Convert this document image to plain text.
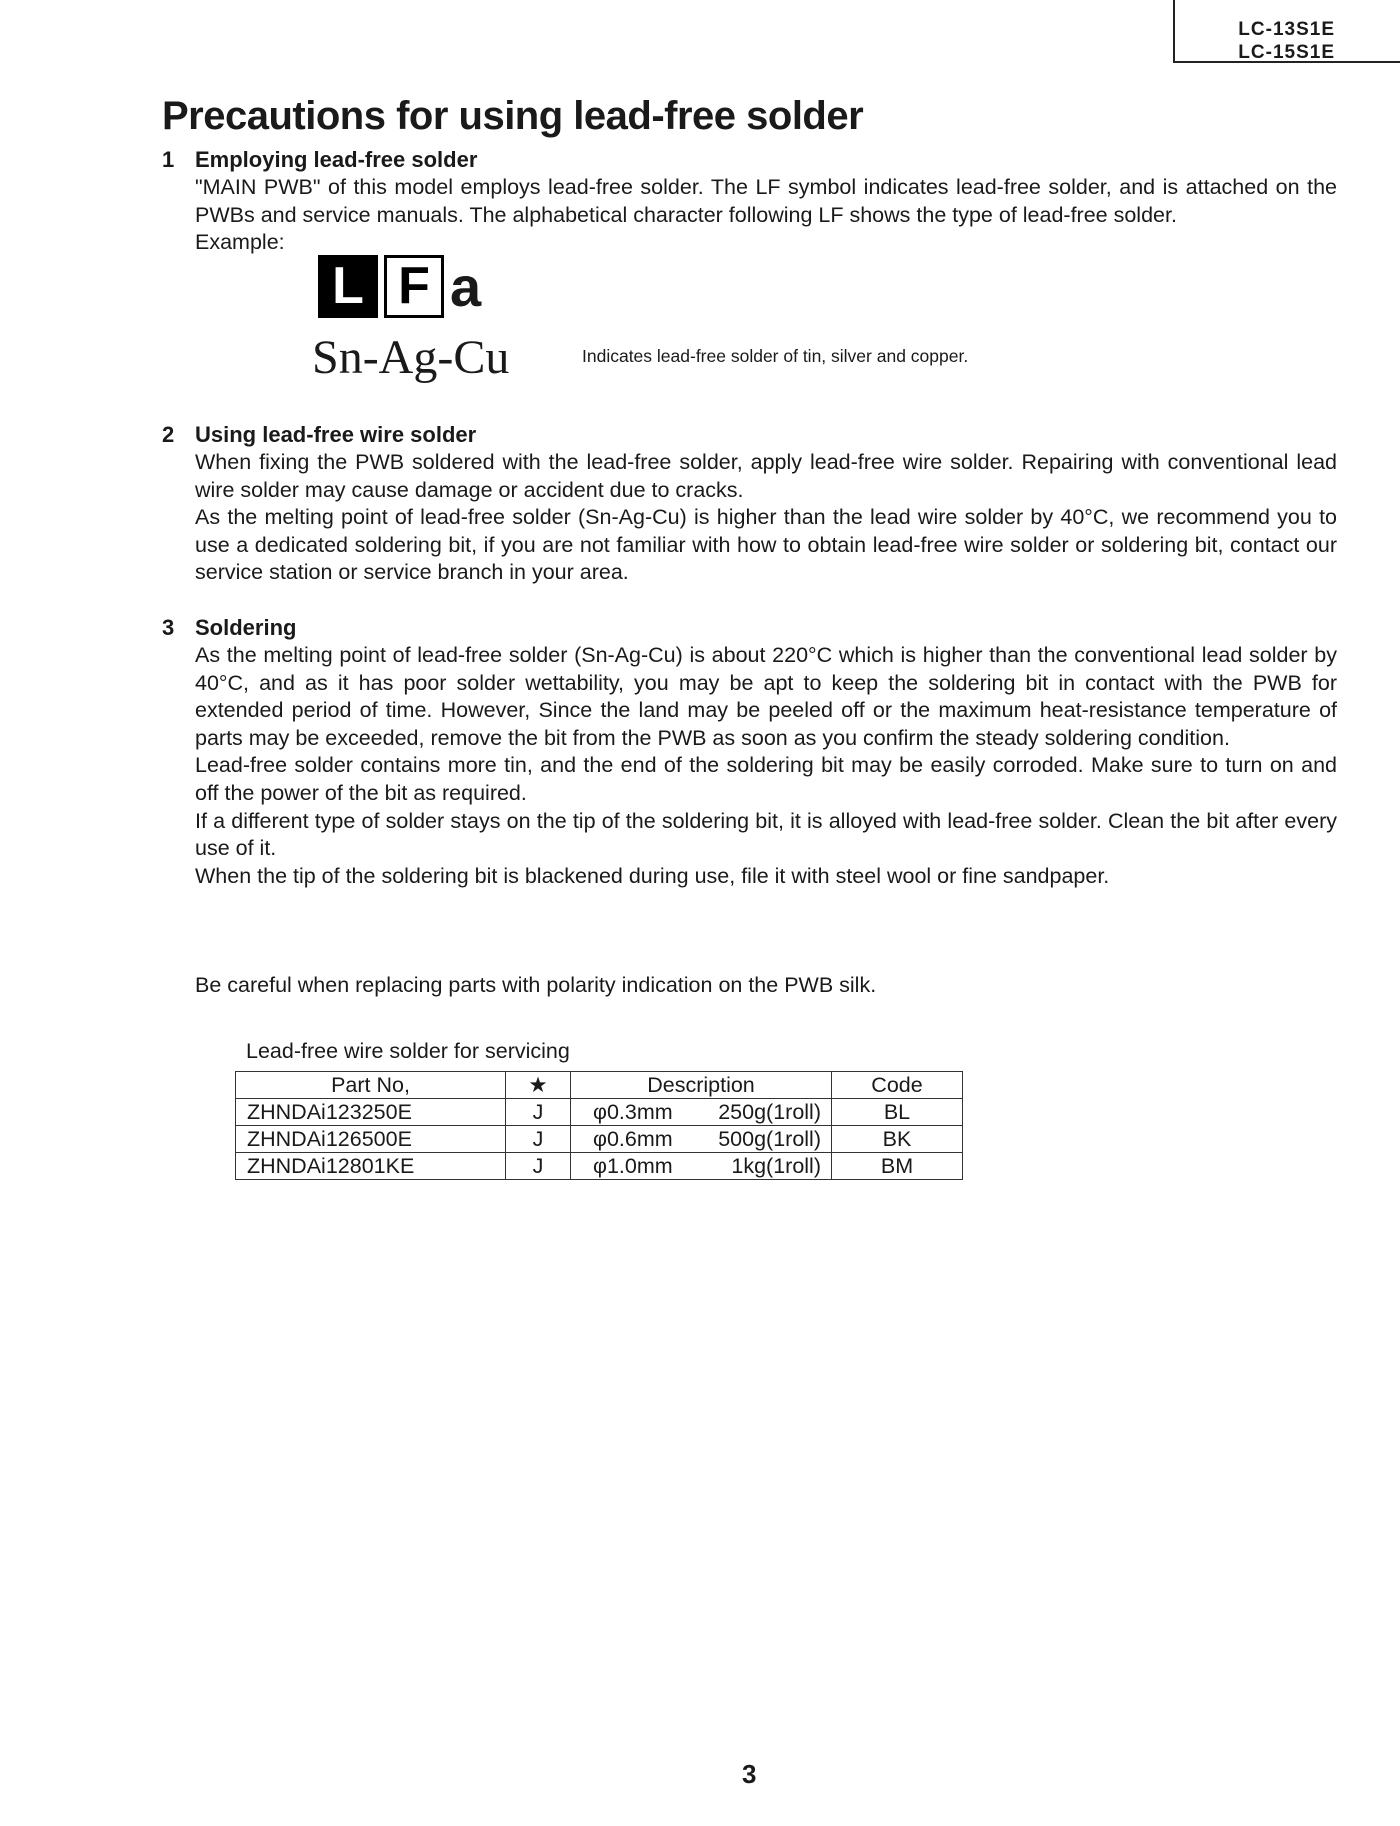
LC-13S1E
LC-15S1E
Precautions for using lead-free solder
1 Employing lead-free solder

"MAIN PWB" of this model employs lead-free solder. The LF symbol indicates lead-free solder, and is attached on the PWBs and service manuals. The alphabetical character following LF shows the type of lead-free solder.

Example:

L F a
Sn-Ag-Cu	Indicates lead-free solder of tin, silver and copper.
2 Using lead-free wire solder

When fixing the PWB soldered with the lead-free solder, apply lead-free wire solder. Repairing with conventional lead wire solder may cause damage or accident due to cracks.

As the melting point of lead-free solder (Sn-Ag-Cu) is higher than the lead wire solder by 40°C, we recommend you to use a dedicated soldering bit, if you are not familiar with how to obtain lead-free wire solder or soldering bit, contact our service station or service branch in your area.

3 Soldering

As the melting point of lead-free solder (Sn-Ag-Cu) is about 220°C which is higher than the conventional lead solder by 40°C, and as it has poor solder wettability, you may be apt to keep the soldering bit in contact with the PWB for extended period of time. However, Since the land may be peeled off or the maximum heat-resistance temperature of parts may be exceeded, remove the bit from the PWB as soon as you confirm the steady soldering condition.

Lead-free solder contains more tin, and the end of the soldering bit may be easily corroded. Make sure to turn on and off the power of the bit as required.

If a different type of solder stays on the tip of the soldering bit, it is alloyed with lead-free solder. Clean the bit after every use of it.

When the tip of the soldering bit is blackened during use, file it with steel wool or fine sandpaper.

Be careful when replacing parts with polarity indication on the PWB silk.
Lead-free wire solder for servicing
Part No,	★	Description	Code
ZHNDAi123250E	J	φ0.3mm 250g(1roll)	BL
ZHNDAi126500E	J	φ0.6mm 500g(1roll)	BK
ZHNDAi12801KE	J	φ1.0mm 1kg(1roll)	BM
3
